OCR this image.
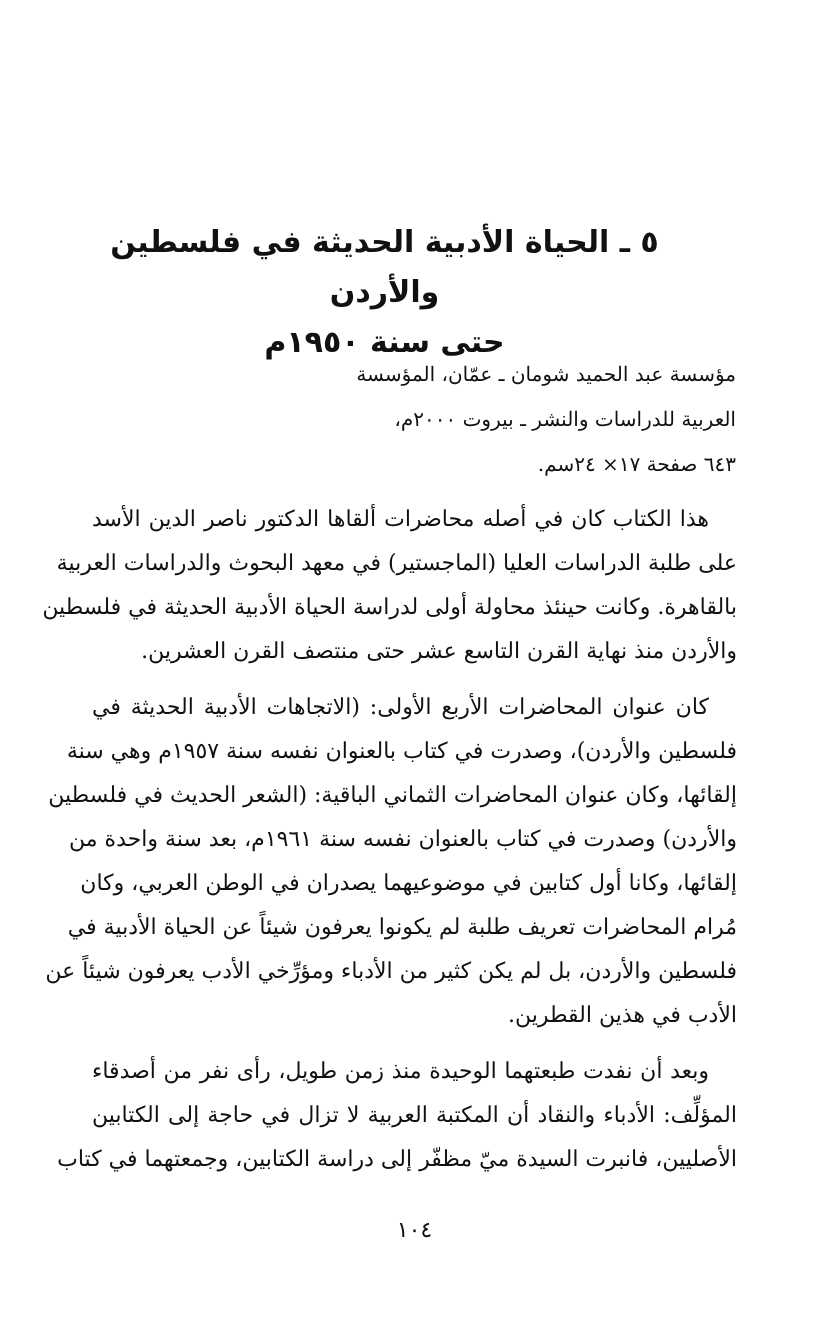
٥ ـ الحياة الأدبية الحديثة في فلسطين والأردن
حتى سنة ١٩٥٠م
مؤسسة عبد الحميد شومان ـ عمّان، المؤسسة
العربية للدراسات والنشر ـ بيروت ٢٠٠٠م،
٦٤٣ صفحة ١٧× ٢٤سم.

هذا الكتاب كان في أصله محاضرات ألقاها الدكتور ناصر الدين الأسد
على طلبة الدراسات العليا (الماجستير) في معهد البحوث والدراسات العربية
بالقاهرة. وكانت حينئذ محاولة أولى لدراسة الحياة الأدبية الحديثة في فلسطين
والأردن منذ نهاية القرن التاسع عشر حتى منتصف القرن العشرين.

كان عنوان المحاضرات الأربع الأولى: (الاتجاهات الأدبية الحديثة في
فلسطين والأردن)، وصدرت في كتاب بالعنوان نفسه سنة ١٩٥٧م وهي سنة
إلقائها، وكان عنوان المحاضرات الثماني الباقية: (الشعر الحديث في فلسطين
والأردن) وصدرت في كتاب بالعنوان نفسه سنة ١٩٦١م، بعد سنة واحدة من
إلقائها، وكانا أول كتابين في موضوعيهما يصدران في الوطن العربي، وكان
مُرام المحاضرات تعريف طلبة لم يكونوا يعرفون شيئاً عن الحياة الأدبية في
فلسطين والأردن، بل لم يكن كثير من الأدباء ومؤرِّخي الأدب يعرفون شيئاً عن
الأدب في هذين القطرين.

وبعد أن نفدت طبعتهما الوحيدة منذ زمن طويل، رأى نفر من أصدقاء
المؤلِّف: الأدباء والنقاد أن المكتبة العربية لا تزال في حاجة إلى الكتابين
الأصليين، فانبرت السيدة ميّ مظفّر إلى دراسة الكتابين، وجمعتهما في كتاب

١٠٤
